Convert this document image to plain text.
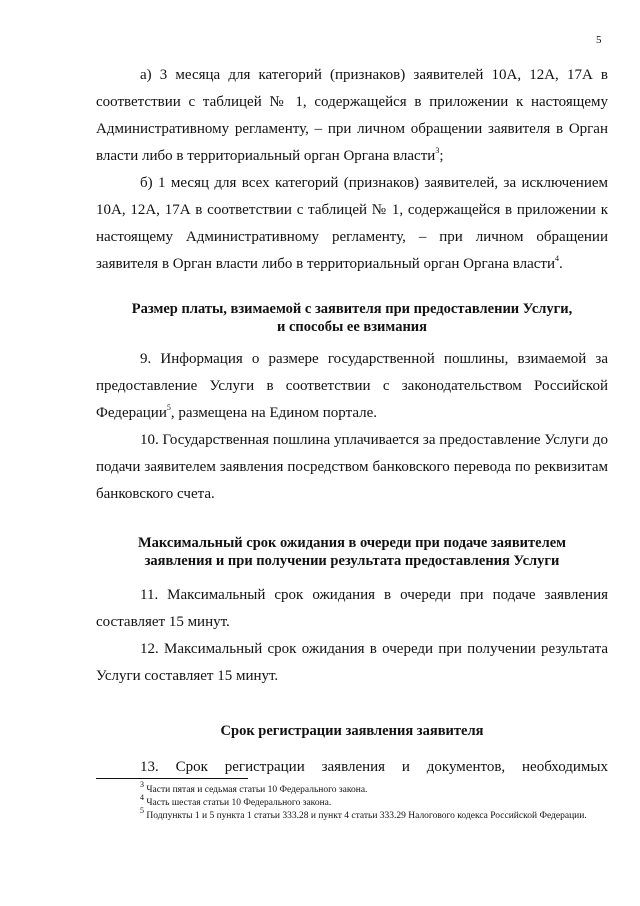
5

а) 3 месяца для категорий (признаков) заявителей 10А, 12А, 17А в соответствии с таблицей № 1, содержащейся в приложении к настоящему Административному регламенту, – при личном обращении заявителя в Орган власти либо в территориальный орган Органа власти$^3$;

б) 1 месяц для всех категорий (признаков) заявителей, за исключением 10А, 12А, 17А в соответствии с таблицей № 1, содержащейся в приложении к настоящему Административному регламенту, – при личном обращении заявителя в Орган власти либо в территориальный орган Органа власти$^4$.

Размер платы, взимаемой с заявителя при предоставлении Услуги,
и способы ее взимания

9. Информация о размере государственной пошлины, взимаемой за предоставление Услуги в соответствии с законодательством Российской Федерации$^5$, размещена на Едином портале.

10. Государственная пошлина уплачивается за предоставление Услуги до подачи заявителем заявления посредством банковского перевода по реквизитам банковского счета.

Максимальный срок ожидания в очереди при подаче заявителем
заявления и при получении результата предоставления Услуги

11. Максимальный срок ожидания в очереди при подаче заявления составляет 15 минут.

12. Максимальный срок ожидания в очереди при получении результата Услуги составляет 15 минут.

Срок регистрации заявления заявителя

13. Срок регистрации заявления и документов, необходимых

$^3$ Части пятая и седьмая статьи 10 Федерального закона.
$^4$ Часть шестая статьи 10 Федерального закона.
$^5$ Подпункты 1 и 5 пункта 1 статьи 333.28 и пункт 4 статьи 333.29 Налогового кодекса Российской Федерации.
